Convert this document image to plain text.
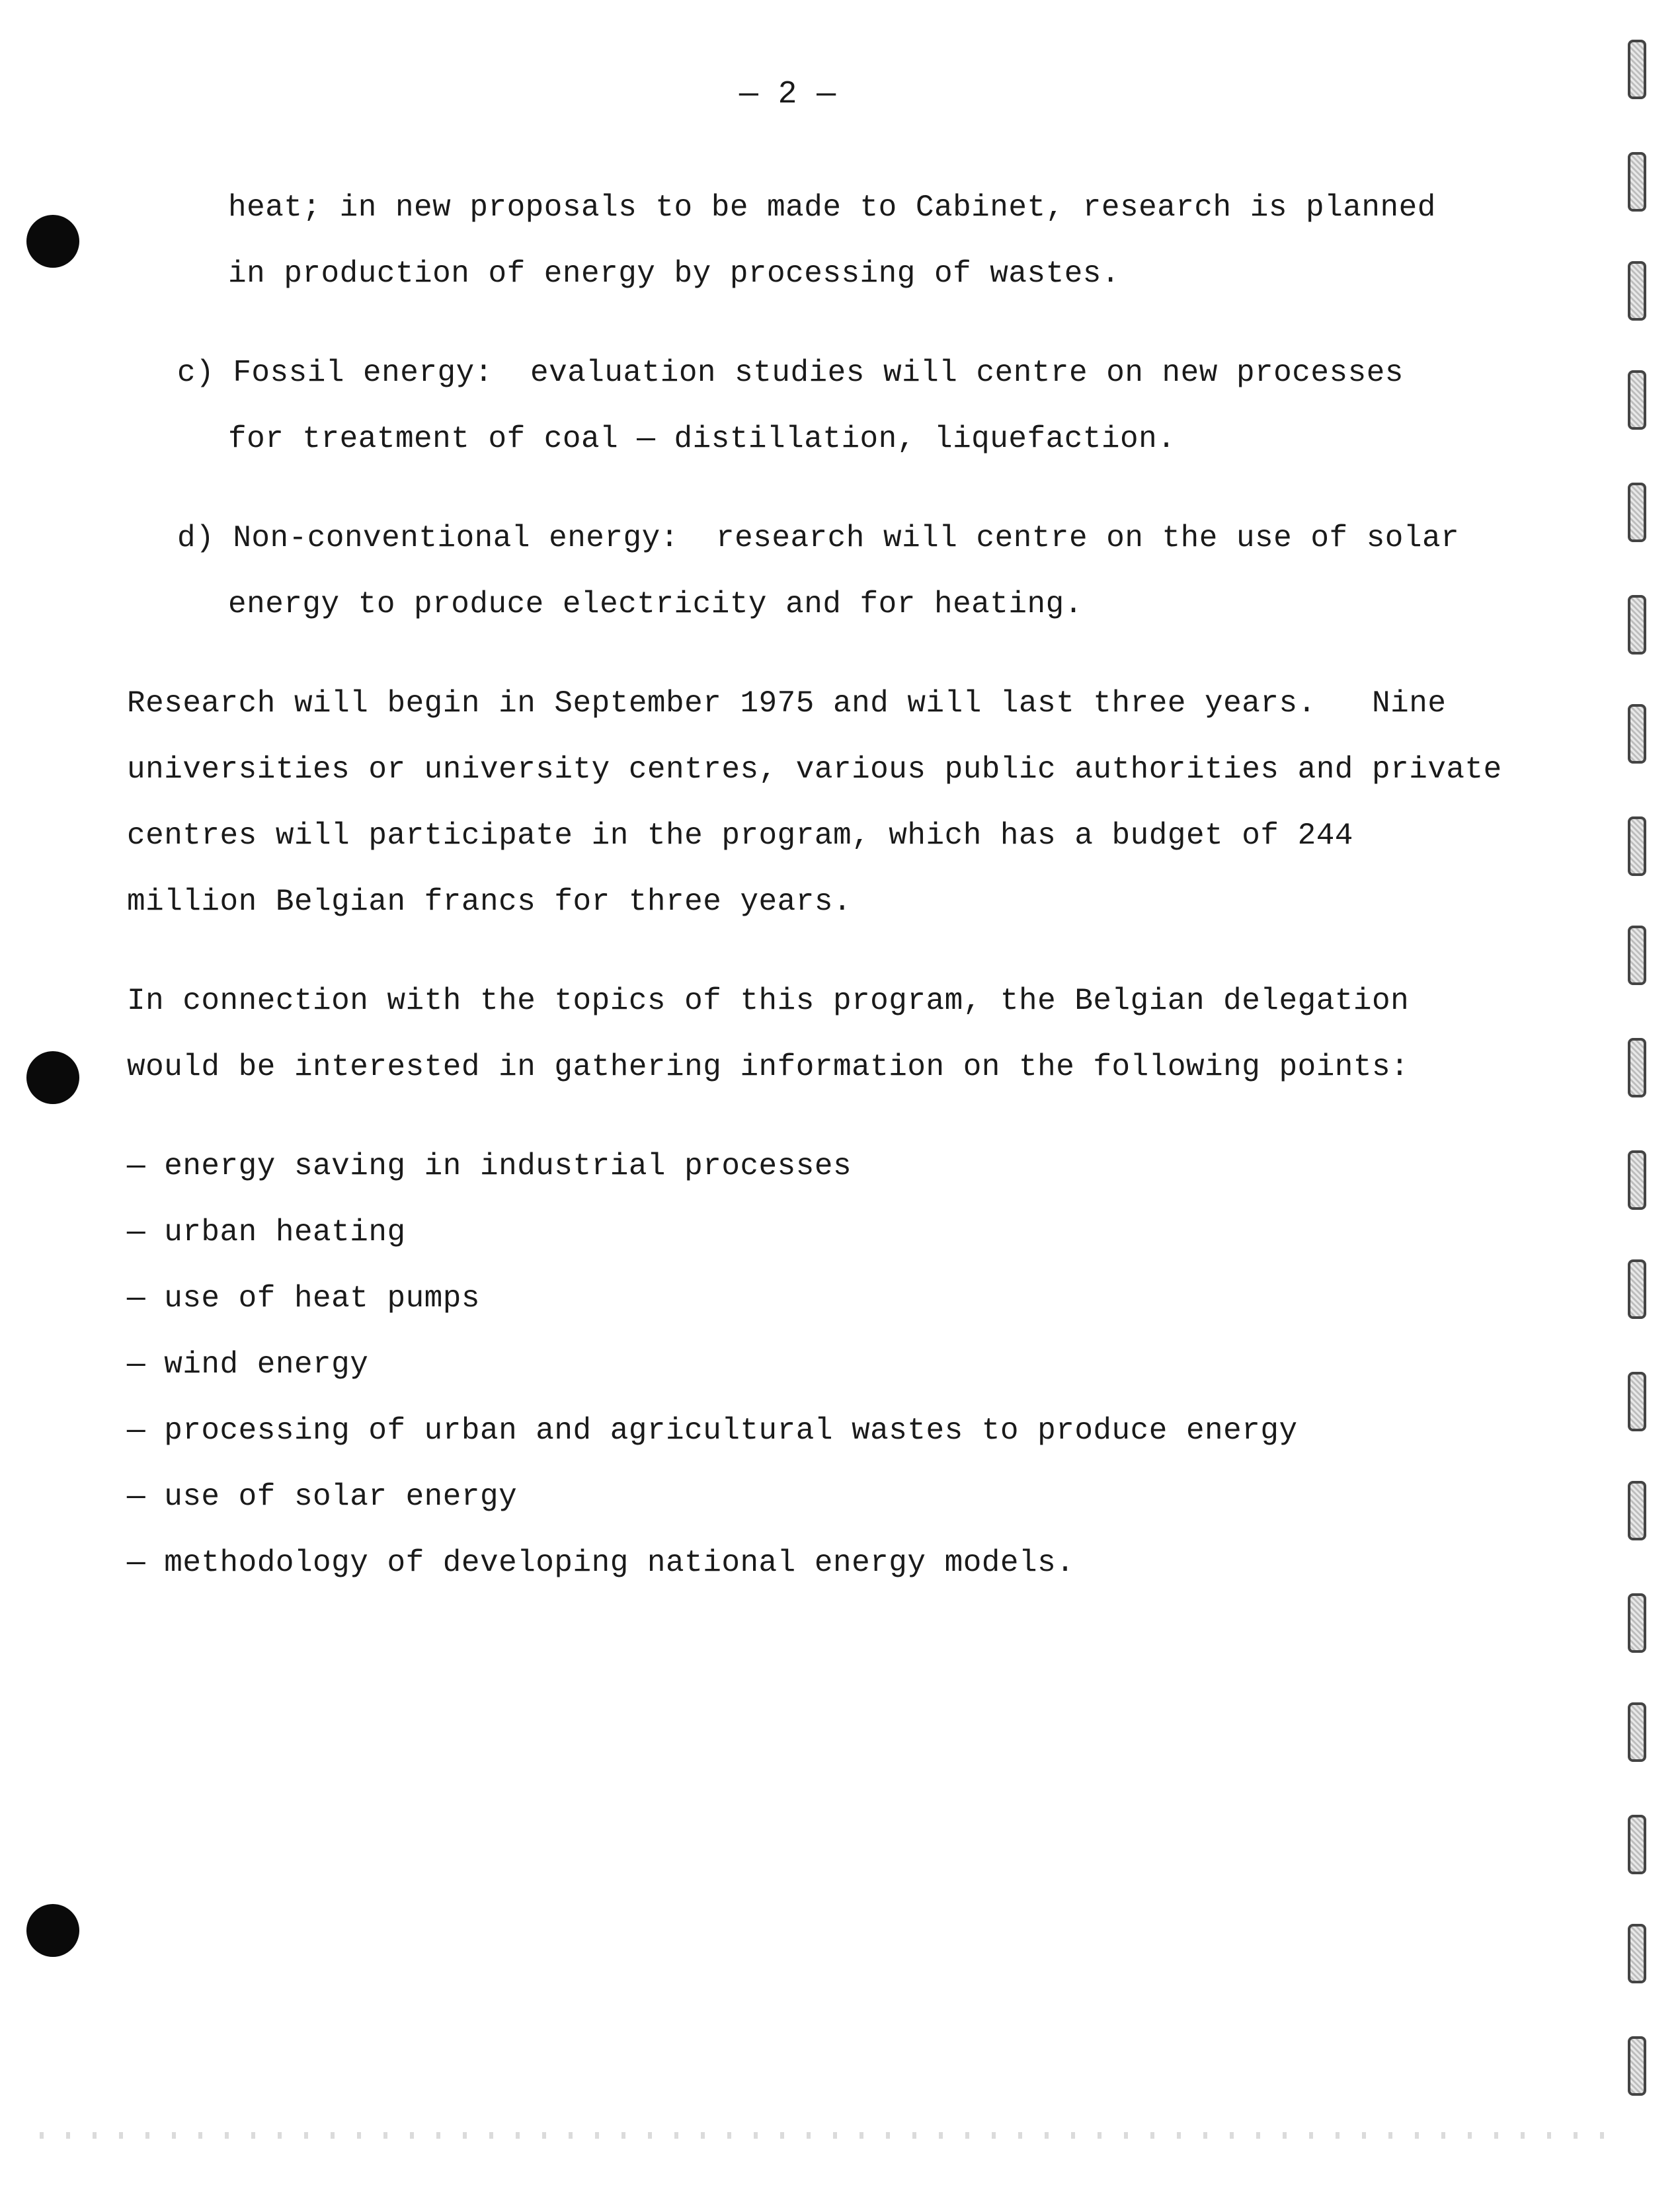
— 2 —
heat; in new proposals to be made to Cabinet, research is planned
in production of energy by processing of wastes.
c) Fossil energy:  evaluation studies will centre on new processes
for treatment of coal — distillation, liquefaction.
d) Non-conventional energy:  research will centre on the use of solar
energy to produce electricity and for heating.
Research will begin in September 1975 and will last three years.   Nine
universities or university centres, various public authorities and private
centres will participate in the program, which has a budget of 244
million Belgian francs for three years.
In connection with the topics of this program, the Belgian delegation
would be interested in gathering information on the following points:
— energy saving in industrial processes
— urban heating
— use of heat pumps
— wind energy
— processing of urban and agricultural wastes to produce energy
— use of solar energy
— methodology of developing national energy models.
